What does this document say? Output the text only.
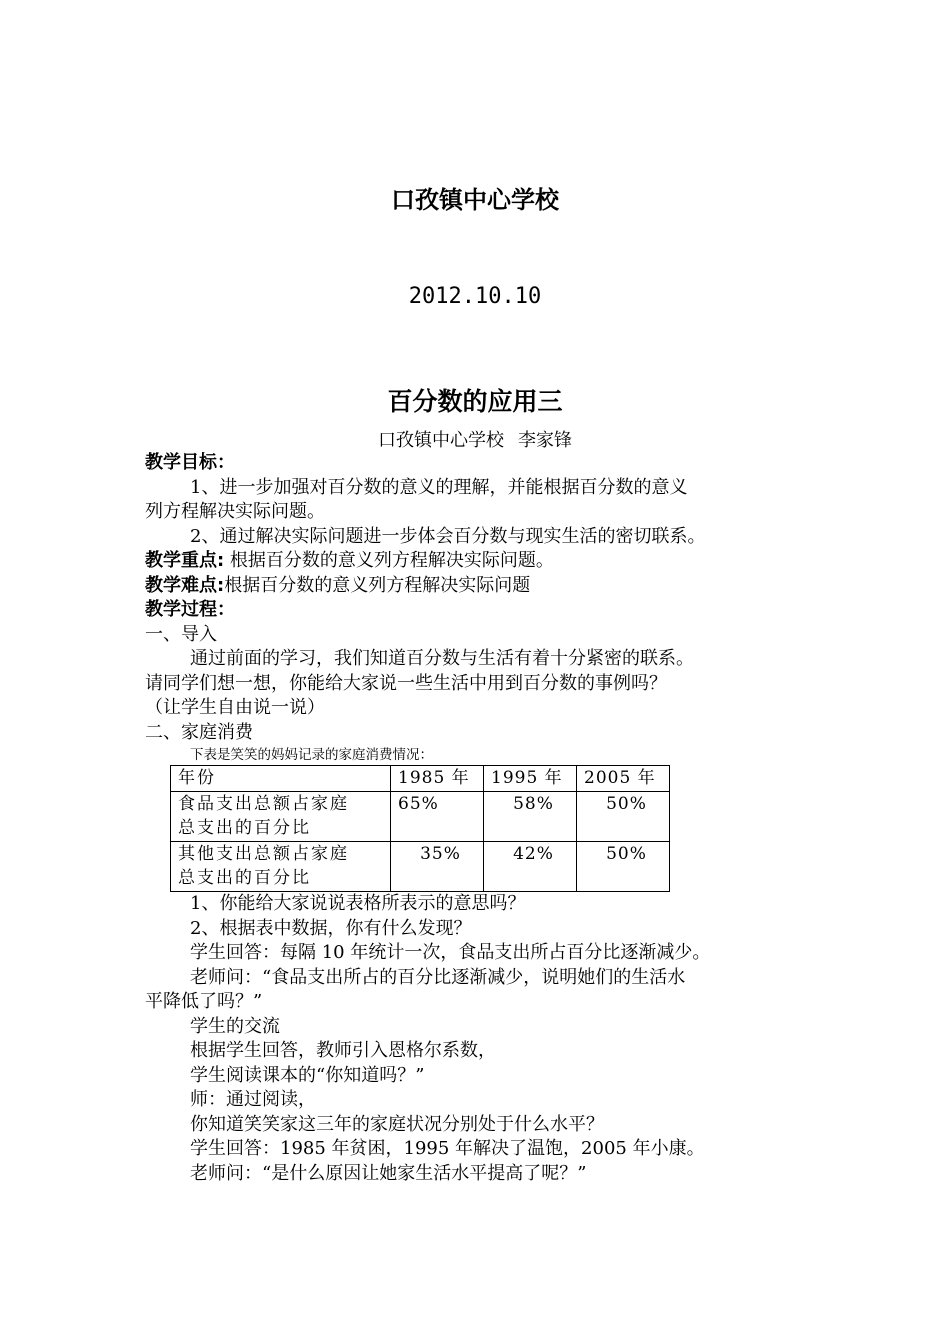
口孜镇中心学校
2012.10.10
百分数的应用三
口孜镇中心学校 李家锋

教学目标：

1、进一步加强对百分数的意义的理解，并能根据百分数的意义

列方程解决实际问题。

2、通过解决实际问题进一步体会百分数与现实生活的密切联系。

教学重点: 根据百分数的意义列方程解决实际问题。

教学难点:根据百分数的意义列方程解决实际问题

教学过程：

一、导入

通过前面的学习，我们知道百分数与生活有着十分紧密的联系。

请同学们想一想，你能给大家说一些生活中用到百分数的事例吗？

（让学生自由说一说）

二、家庭消费

下表是笑笑的妈妈记录的家庭消费情况：

年份	1985 年	1995 年	2005 年

食品支出总额占家庭
总支出的百分比	65%	58%	50%

其他支出总额占家庭
总支出的百分比	35%	42%	50%

1、你能给大家说说表格所表示的意思吗？

2、根据表中数据，你有什么发现？

学生回答：每隔 10 年统计一次，食品支出所占百分比逐渐减少。

老师问：“食品支出所占的百分比逐渐减少，说明她们的生活水

平降低了吗？”

学生的交流

根据学生回答，教师引入恩格尔系数，

学生阅读课本的“你知道吗？”

师：通过阅读，

你知道笑笑家这三年的家庭状况分别处于什么水平？

学生回答：1985 年贫困，1995 年解决了温饱，2005 年小康。

老师问：“是什么原因让她家生活水平提高了呢？”
